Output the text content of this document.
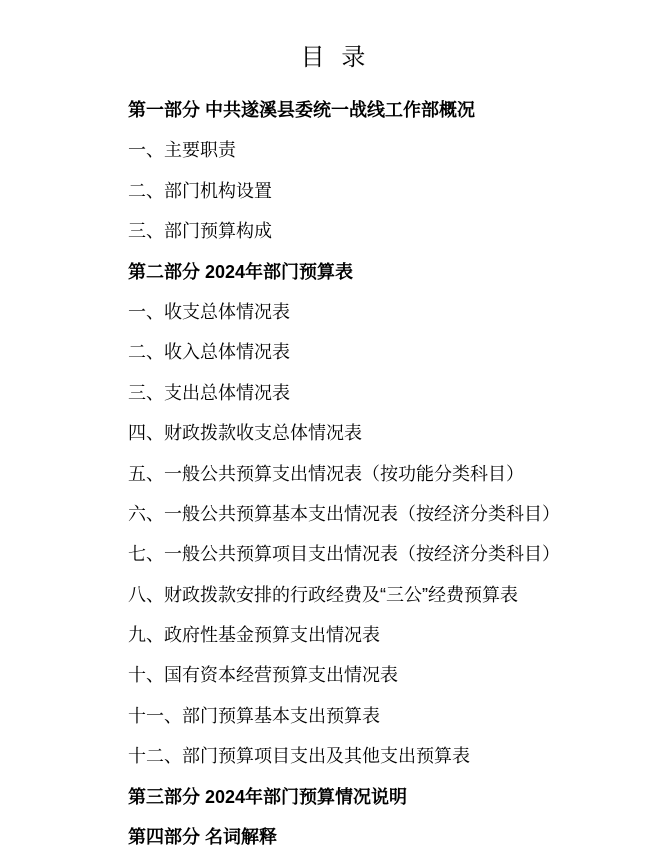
目 录
第一部分 中共遂溪县委统一战线工作部概况
一、主要职责
二、部门机构设置
三、部门预算构成
第二部分 2024年部门预算表
一、收支总体情况表
二、收入总体情况表
三、支出总体情况表
四、财政拨款收支总体情况表
五、一般公共预算支出情况表（按功能分类科目）
六、一般公共预算基本支出情况表（按经济分类科目）
七、一般公共预算项目支出情况表（按经济分类科目）
八、财政拨款安排的行政经费及“三公”经费预算表
九、政府性基金预算支出情况表
十、国有资本经营预算支出情况表
十一、部门预算基本支出预算表
十二、部门预算项目支出及其他支出预算表
第三部分 2024年部门预算情况说明
第四部分 名词解释
